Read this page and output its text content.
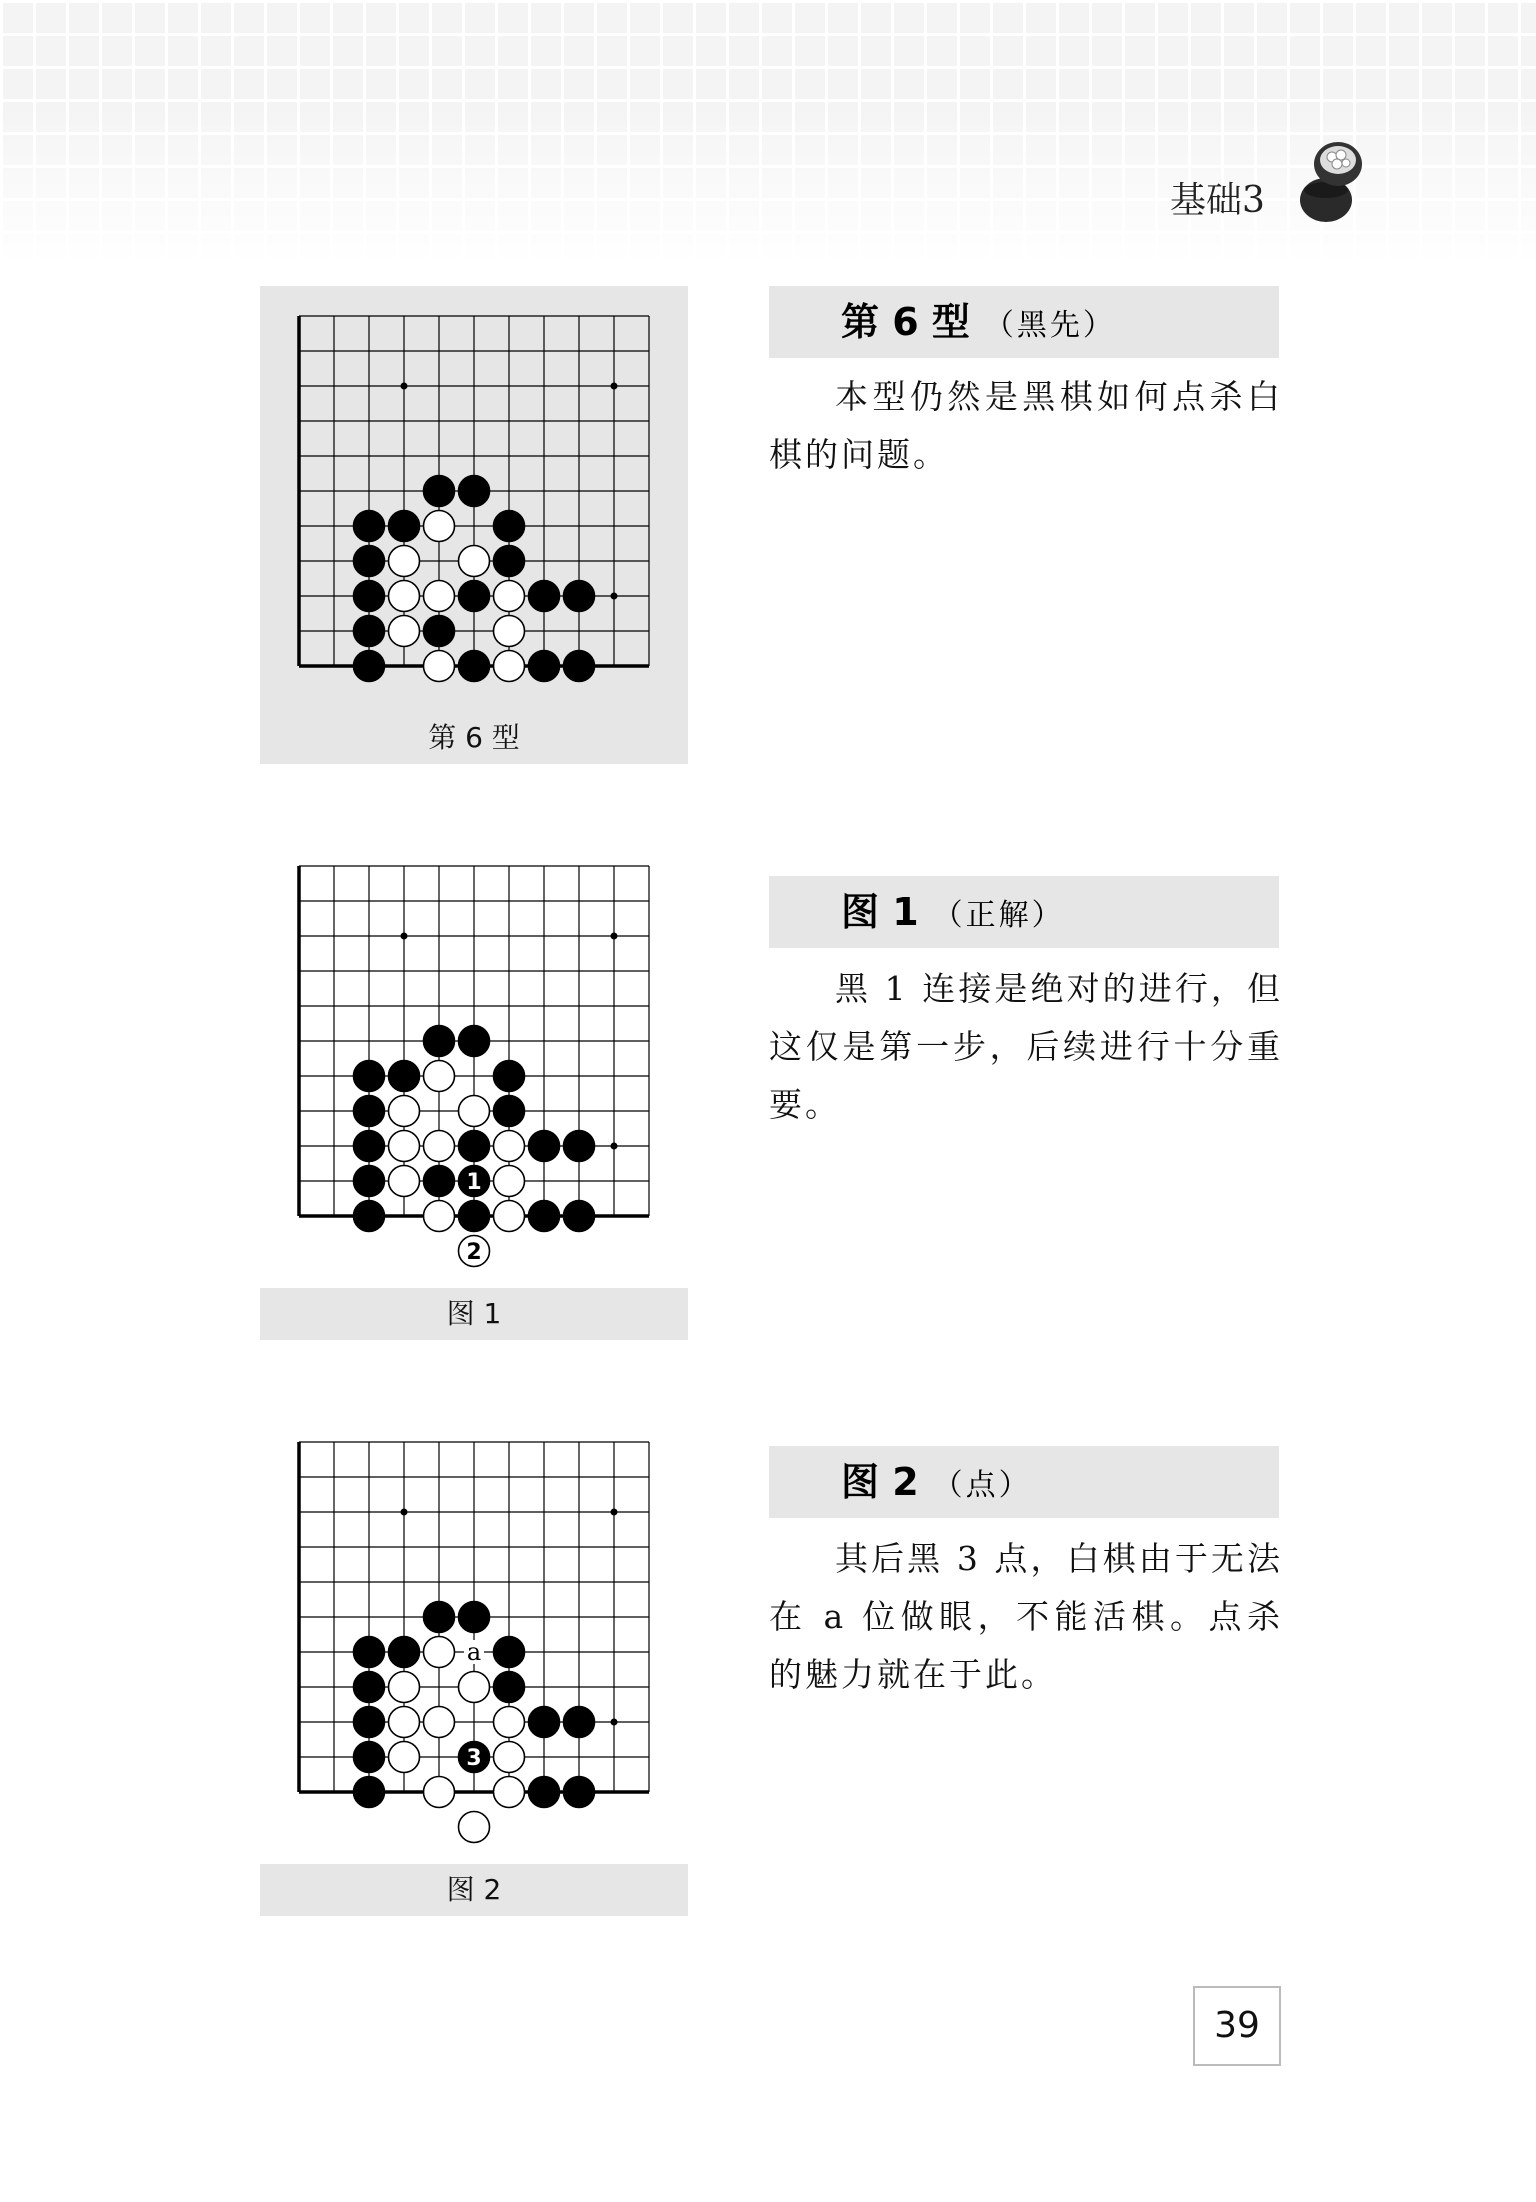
基础3
第 6 型
第 6 型 （黑先）
本型仍然是黑棋如何点杀白棋的问题。
1
2
图 1
图 1 （正解）
黑 1 连接是绝对的进行，但这仅是第一步，后续进行十分重要。
3
a
图 2
图 2 （点）
其后黑 3 点，白棋由于无法在 a 位做眼，不能活棋。点杀的魅力就在于此。
39
